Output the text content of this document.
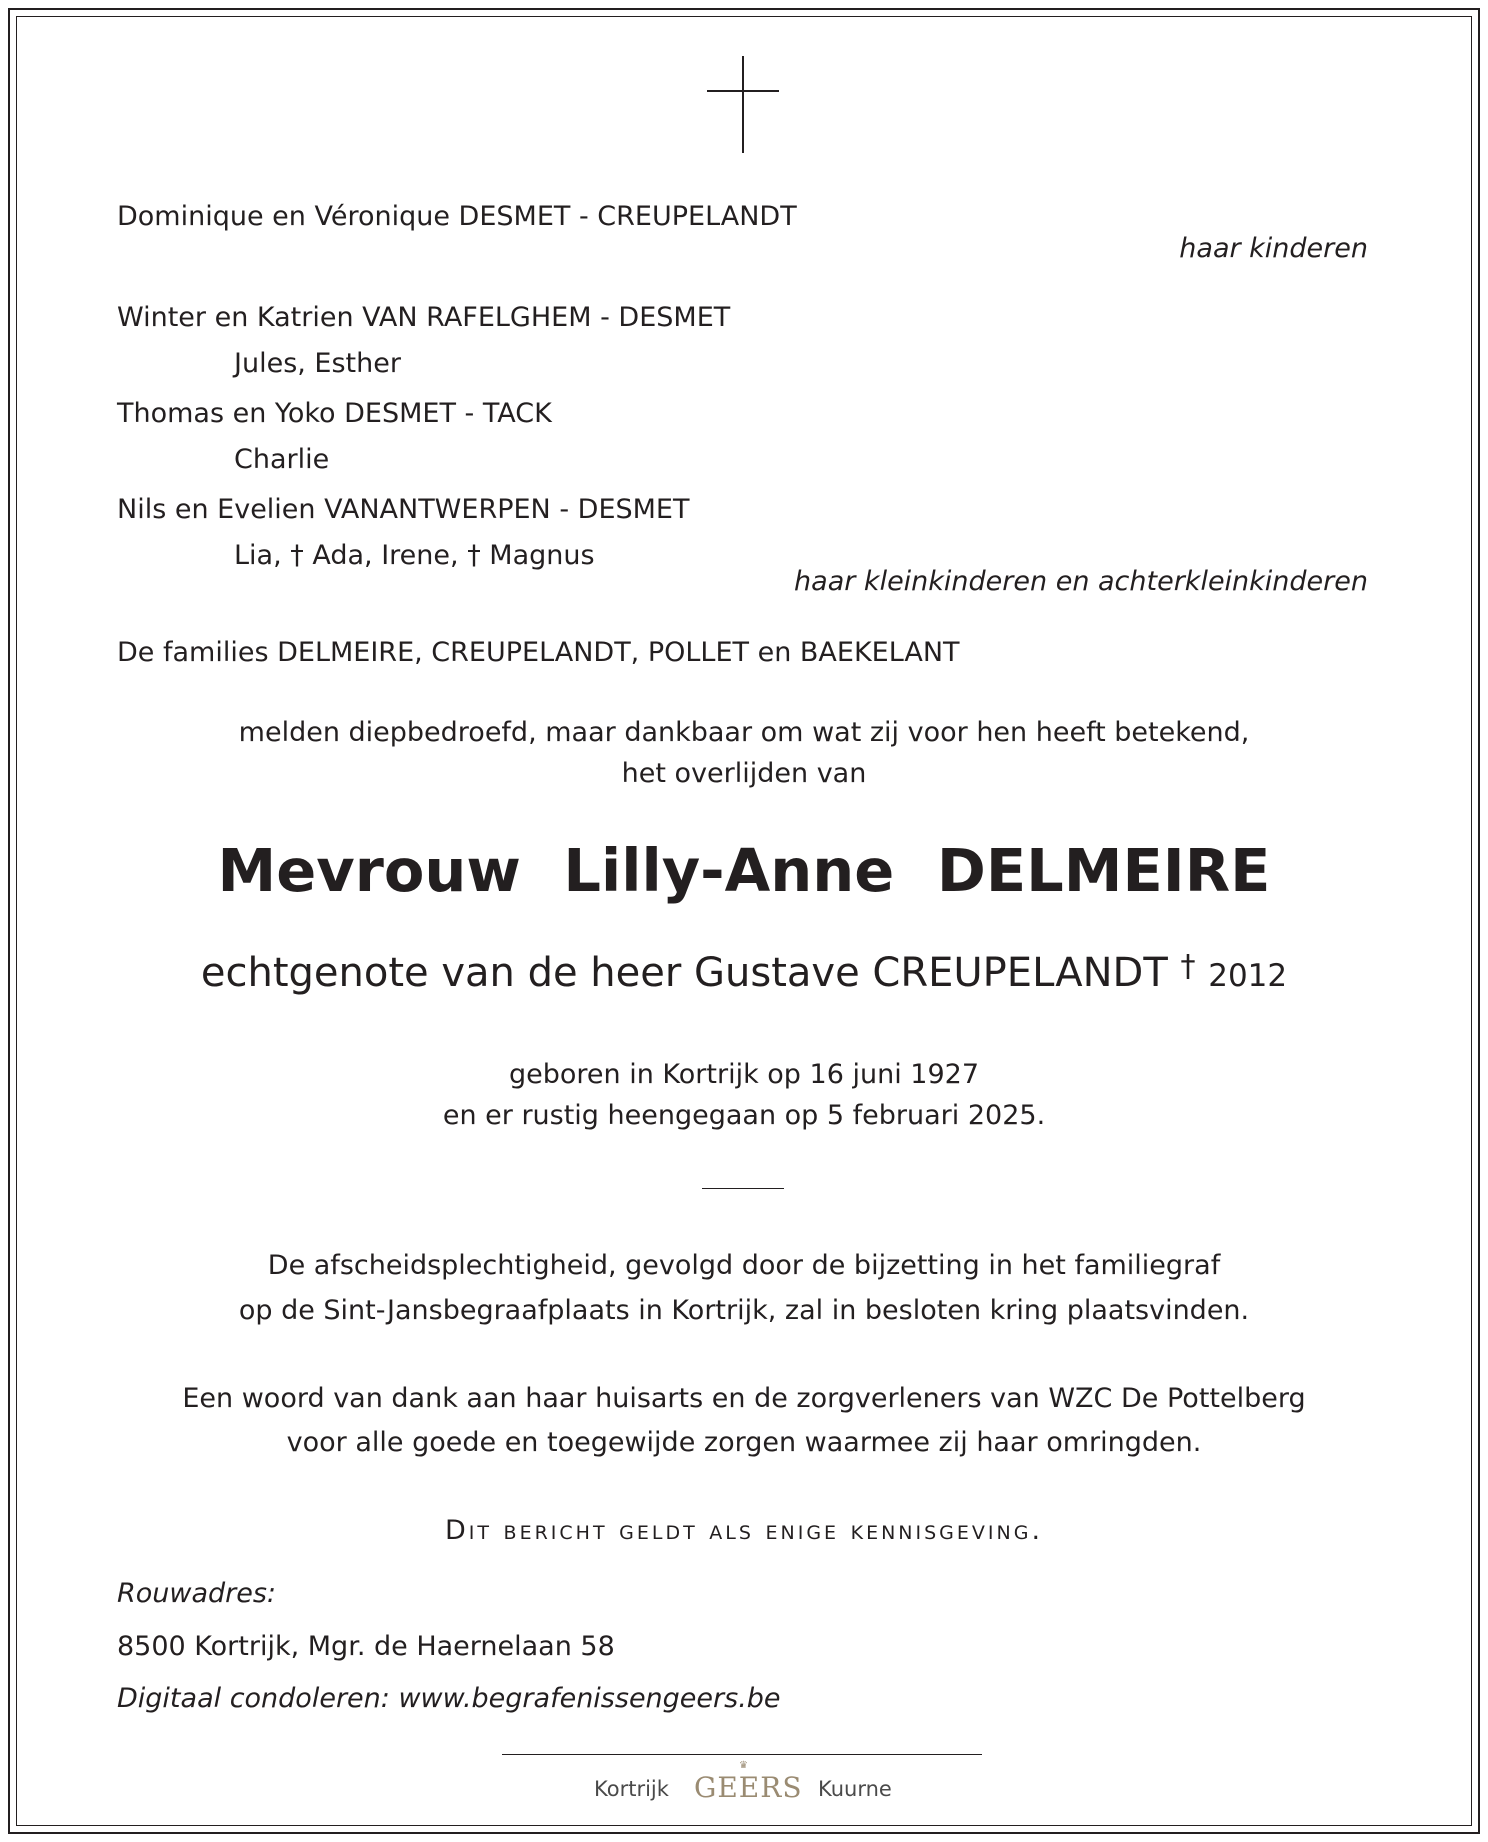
Dominique en Véronique DESMET - CREUPELANDT
haar kinderen
Winter en Katrien VAN RAFELGHEM - DESMET
Jules, Esther
Thomas en Yoko DESMET - TACK
Charlie
Nils en Evelien VANANTWERPEN - DESMET
Lia, † Ada, Irene, † Magnus
haar kleinkinderen en achterkleinkinderen
De families DELMEIRE, CREUPELANDT, POLLET en BAEKELANT
melden diepbedroefd, maar dankbaar om wat zij voor hen heeft betekend,
het overlijden van
Mevrouw Lilly-Anne DELMEIRE
echtgenote van de heer Gustave CREUPELANDT † 2012
geboren in Kortrijk op 16 juni 1927
en er rustig heengegaan op 5 februari 2025.
De afscheidsplechtigheid, gevolgd door de bijzetting in het familiegraf
op de Sint-Jansbegraafplaats in Kortrijk, zal in besloten kring plaatsvinden.
Een woord van dank aan haar huisarts en de zorgverleners van WZC De Pottelberg
voor alle goede en toegewijde zorgen waarmee zij haar omringden.
Dit bericht geldt als enige kennisgeving.
Rouwadres:
8500 Kortrijk, Mgr. de Haernelaan 58
Digitaal condoleren: www.begrafenissengeers.be
Kortrijk
♛
GEERS Kuurne
